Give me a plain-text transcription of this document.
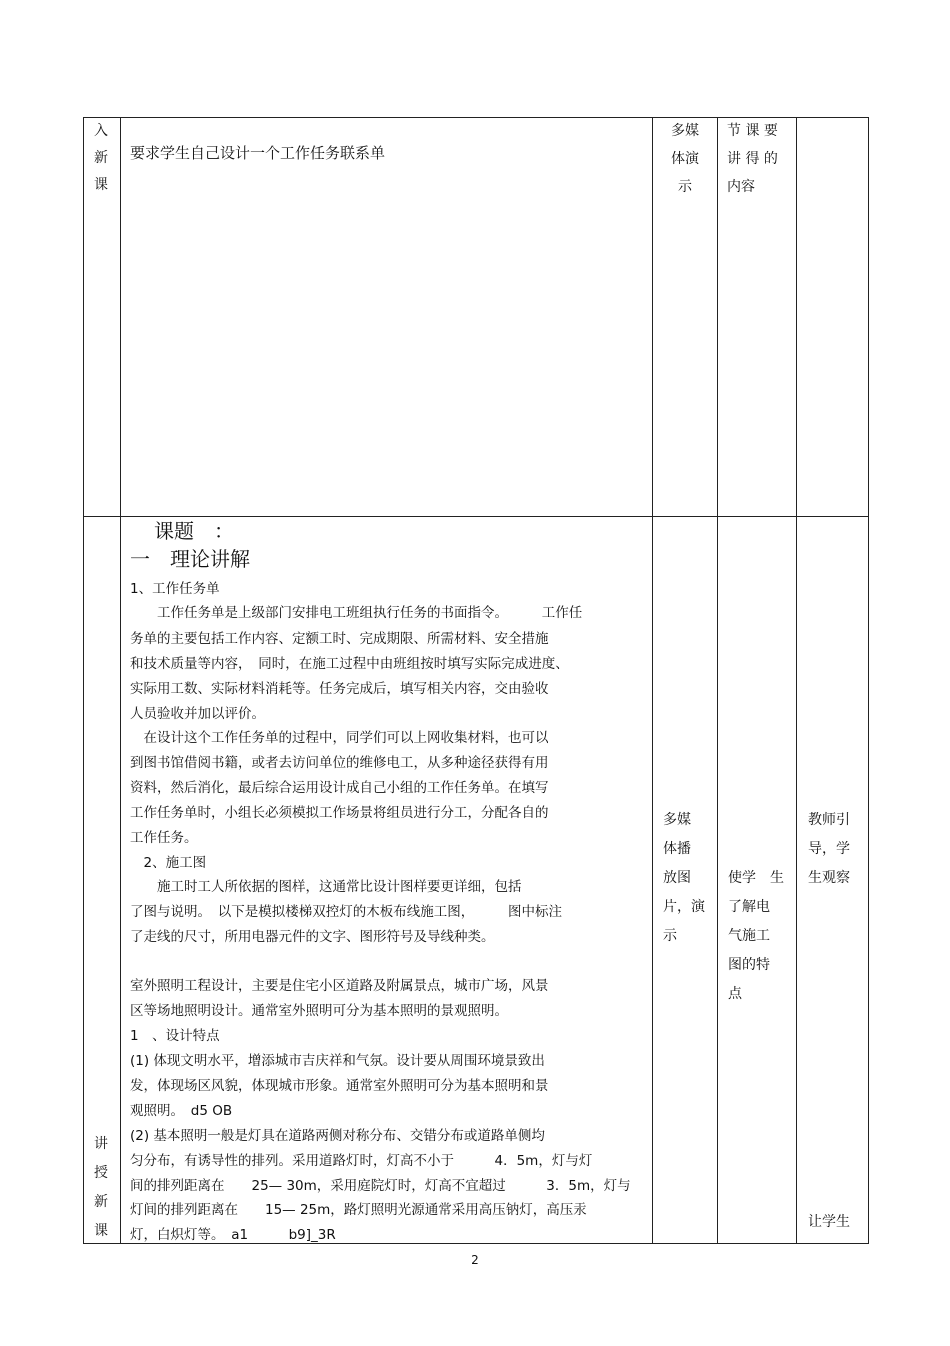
入
新
课
要求学生自己设计一个工作任务联系单
多媒
体演
示
节 课 要
讲 得 的
内容
讲
授
新
课
课题　：
一　理论讲解
1、工作任务单
　　工作任务单是上级部门安排电工班组执行任务的书面指令。　　　工作任
务单的主要包括工作内容、定额工时、完成期限、所需材料、安全措施
和技术质量等内容，　同时，在施工过程中由班组按时填写实际完成进度、
实际用工数、实际材料消耗等。任务完成后，填写相关内容，交由验收
人员验收并加以评价。
　在设计这个工作任务单的过程中，同学们可以上网收集材料，也可以
到图书馆借阅书籍，或者去访问单位的维修电工，从多种途径获得有用
资料，然后消化，最后综合运用设计成自己小组的工作任务单。在填写
工作任务单时，小组长必须模拟工作场景将组员进行分工，分配各自的
工作任务。
　2、施工图
　　施工时工人所依据的图样，这通常比设计图样要更详细，包括
了图与说明。　以下是模拟楼梯双控灯的木板布线施工图，　　　图中标注
了走线的尺寸，所用电器元件的文字、图形符号及导线种类。
室外照明工程设计，主要是住宅小区道路及附属景点，城市广场，风景
区等场地照明设计。通常室外照明可分为基本照明的景观照明。
1　、设计特点
(1) 体现文明水平，增添城市吉庆祥和气氛。设计要从周围环境景致出
发，体现场区风貌，体现城市形象。通常室外照明可分为基本照明和景
观照明。　d5 OB
(2) 基本照明一般是灯具在道路两侧对称分布、交错分布或道路单侧均
匀分布，有诱导性的排列。采用道路灯时，灯高不小于　　　4．5m，灯与灯
间的排列距离在　　25— 30m，采用庭院灯时，灯高不宜超过　　　3．5m，灯与
灯间的排列距离在　　15— 25m，路灯照明光源通常采用高压钠灯，高压汞
灯，白炽灯等。　a1　　　b9]_3R
多媒
体播
放图
片，演
示
使学　生
了解电
气施工
图的特
点
教师引
导，学
生观察
让学生
2
